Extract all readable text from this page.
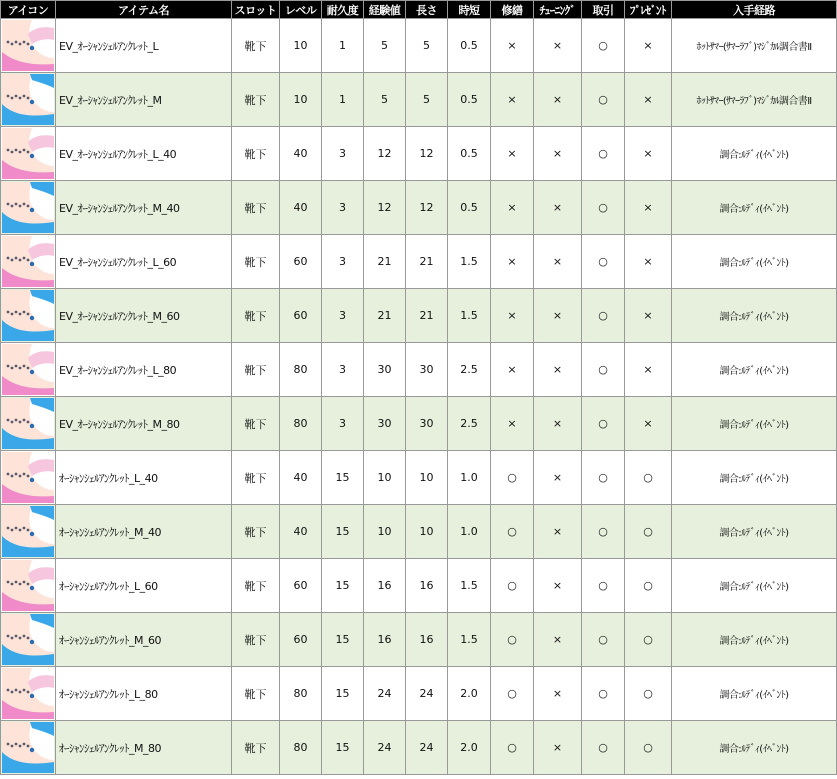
アイコン	アイテム名	スロット	レベル	耐久度	経験値	長さ	時短	修繕	ﾁｭｰﾆﾝｸﾞ	取引	ﾌﾟﾚｾﾞﾝﾄ	入手経路

	EV_ｵｰｼｬﾝｼｪﾙｱﾝｸﾚｯﾄ_L	靴下	10	1	5	5	0.5	×	×	○	×	ﾎｯﾄｻﾏｰ(ｻﾏｰﾗﾌﾞ)ﾏｼﾞｶﾙ調合書Ⅱ

	EV_ｵｰｼｬﾝｼｪﾙｱﾝｸﾚｯﾄ_M	靴下	10	1	5	5	0.5	×	×	○	×	ﾎｯﾄｻﾏｰ(ｻﾏｰﾗﾌﾞ)ﾏｼﾞｶﾙ調合書Ⅱ

	EV_ｵｰｼｬﾝｼｪﾙｱﾝｸﾚｯﾄ_L_40	靴下	40	3	12	12	0.5	×	×	○	×	調合:ﾙﾃﾞｨ(ｲﾍﾞﾝﾄ)

	EV_ｵｰｼｬﾝｼｪﾙｱﾝｸﾚｯﾄ_M_40	靴下	40	3	12	12	0.5	×	×	○	×	調合:ﾙﾃﾞｨ(ｲﾍﾞﾝﾄ)

	EV_ｵｰｼｬﾝｼｪﾙｱﾝｸﾚｯﾄ_L_60	靴下	60	3	21	21	1.5	×	×	○	×	調合:ﾙﾃﾞｨ(ｲﾍﾞﾝﾄ)

	EV_ｵｰｼｬﾝｼｪﾙｱﾝｸﾚｯﾄ_M_60	靴下	60	3	21	21	1.5	×	×	○	×	調合:ﾙﾃﾞｨ(ｲﾍﾞﾝﾄ)

	EV_ｵｰｼｬﾝｼｪﾙｱﾝｸﾚｯﾄ_L_80	靴下	80	3	30	30	2.5	×	×	○	×	調合:ﾙﾃﾞｨ(ｲﾍﾞﾝﾄ)

	EV_ｵｰｼｬﾝｼｪﾙｱﾝｸﾚｯﾄ_M_80	靴下	80	3	30	30	2.5	×	×	○	×	調合:ﾙﾃﾞｨ(ｲﾍﾞﾝﾄ)

	ｵｰｼｬﾝｼｪﾙｱﾝｸﾚｯﾄ_L_40	靴下	40	15	10	10	1.0	○	×	○	○	調合:ﾙﾃﾞｨ(ｲﾍﾞﾝﾄ)

	ｵｰｼｬﾝｼｪﾙｱﾝｸﾚｯﾄ_M_40	靴下	40	15	10	10	1.0	○	×	○	○	調合:ﾙﾃﾞｨ(ｲﾍﾞﾝﾄ)

	ｵｰｼｬﾝｼｪﾙｱﾝｸﾚｯﾄ_L_60	靴下	60	15	16	16	1.5	○	×	○	○	調合:ﾙﾃﾞｨ(ｲﾍﾞﾝﾄ)

	ｵｰｼｬﾝｼｪﾙｱﾝｸﾚｯﾄ_M_60	靴下	60	15	16	16	1.5	○	×	○	○	調合:ﾙﾃﾞｨ(ｲﾍﾞﾝﾄ)

	ｵｰｼｬﾝｼｪﾙｱﾝｸﾚｯﾄ_L_80	靴下	80	15	24	24	2.0	○	×	○	○	調合:ﾙﾃﾞｨ(ｲﾍﾞﾝﾄ)

	ｵｰｼｬﾝｼｪﾙｱﾝｸﾚｯﾄ_M_80	靴下	80	15	24	24	2.0	○	×	○	○	調合:ﾙﾃﾞｨ(ｲﾍﾞﾝﾄ)
